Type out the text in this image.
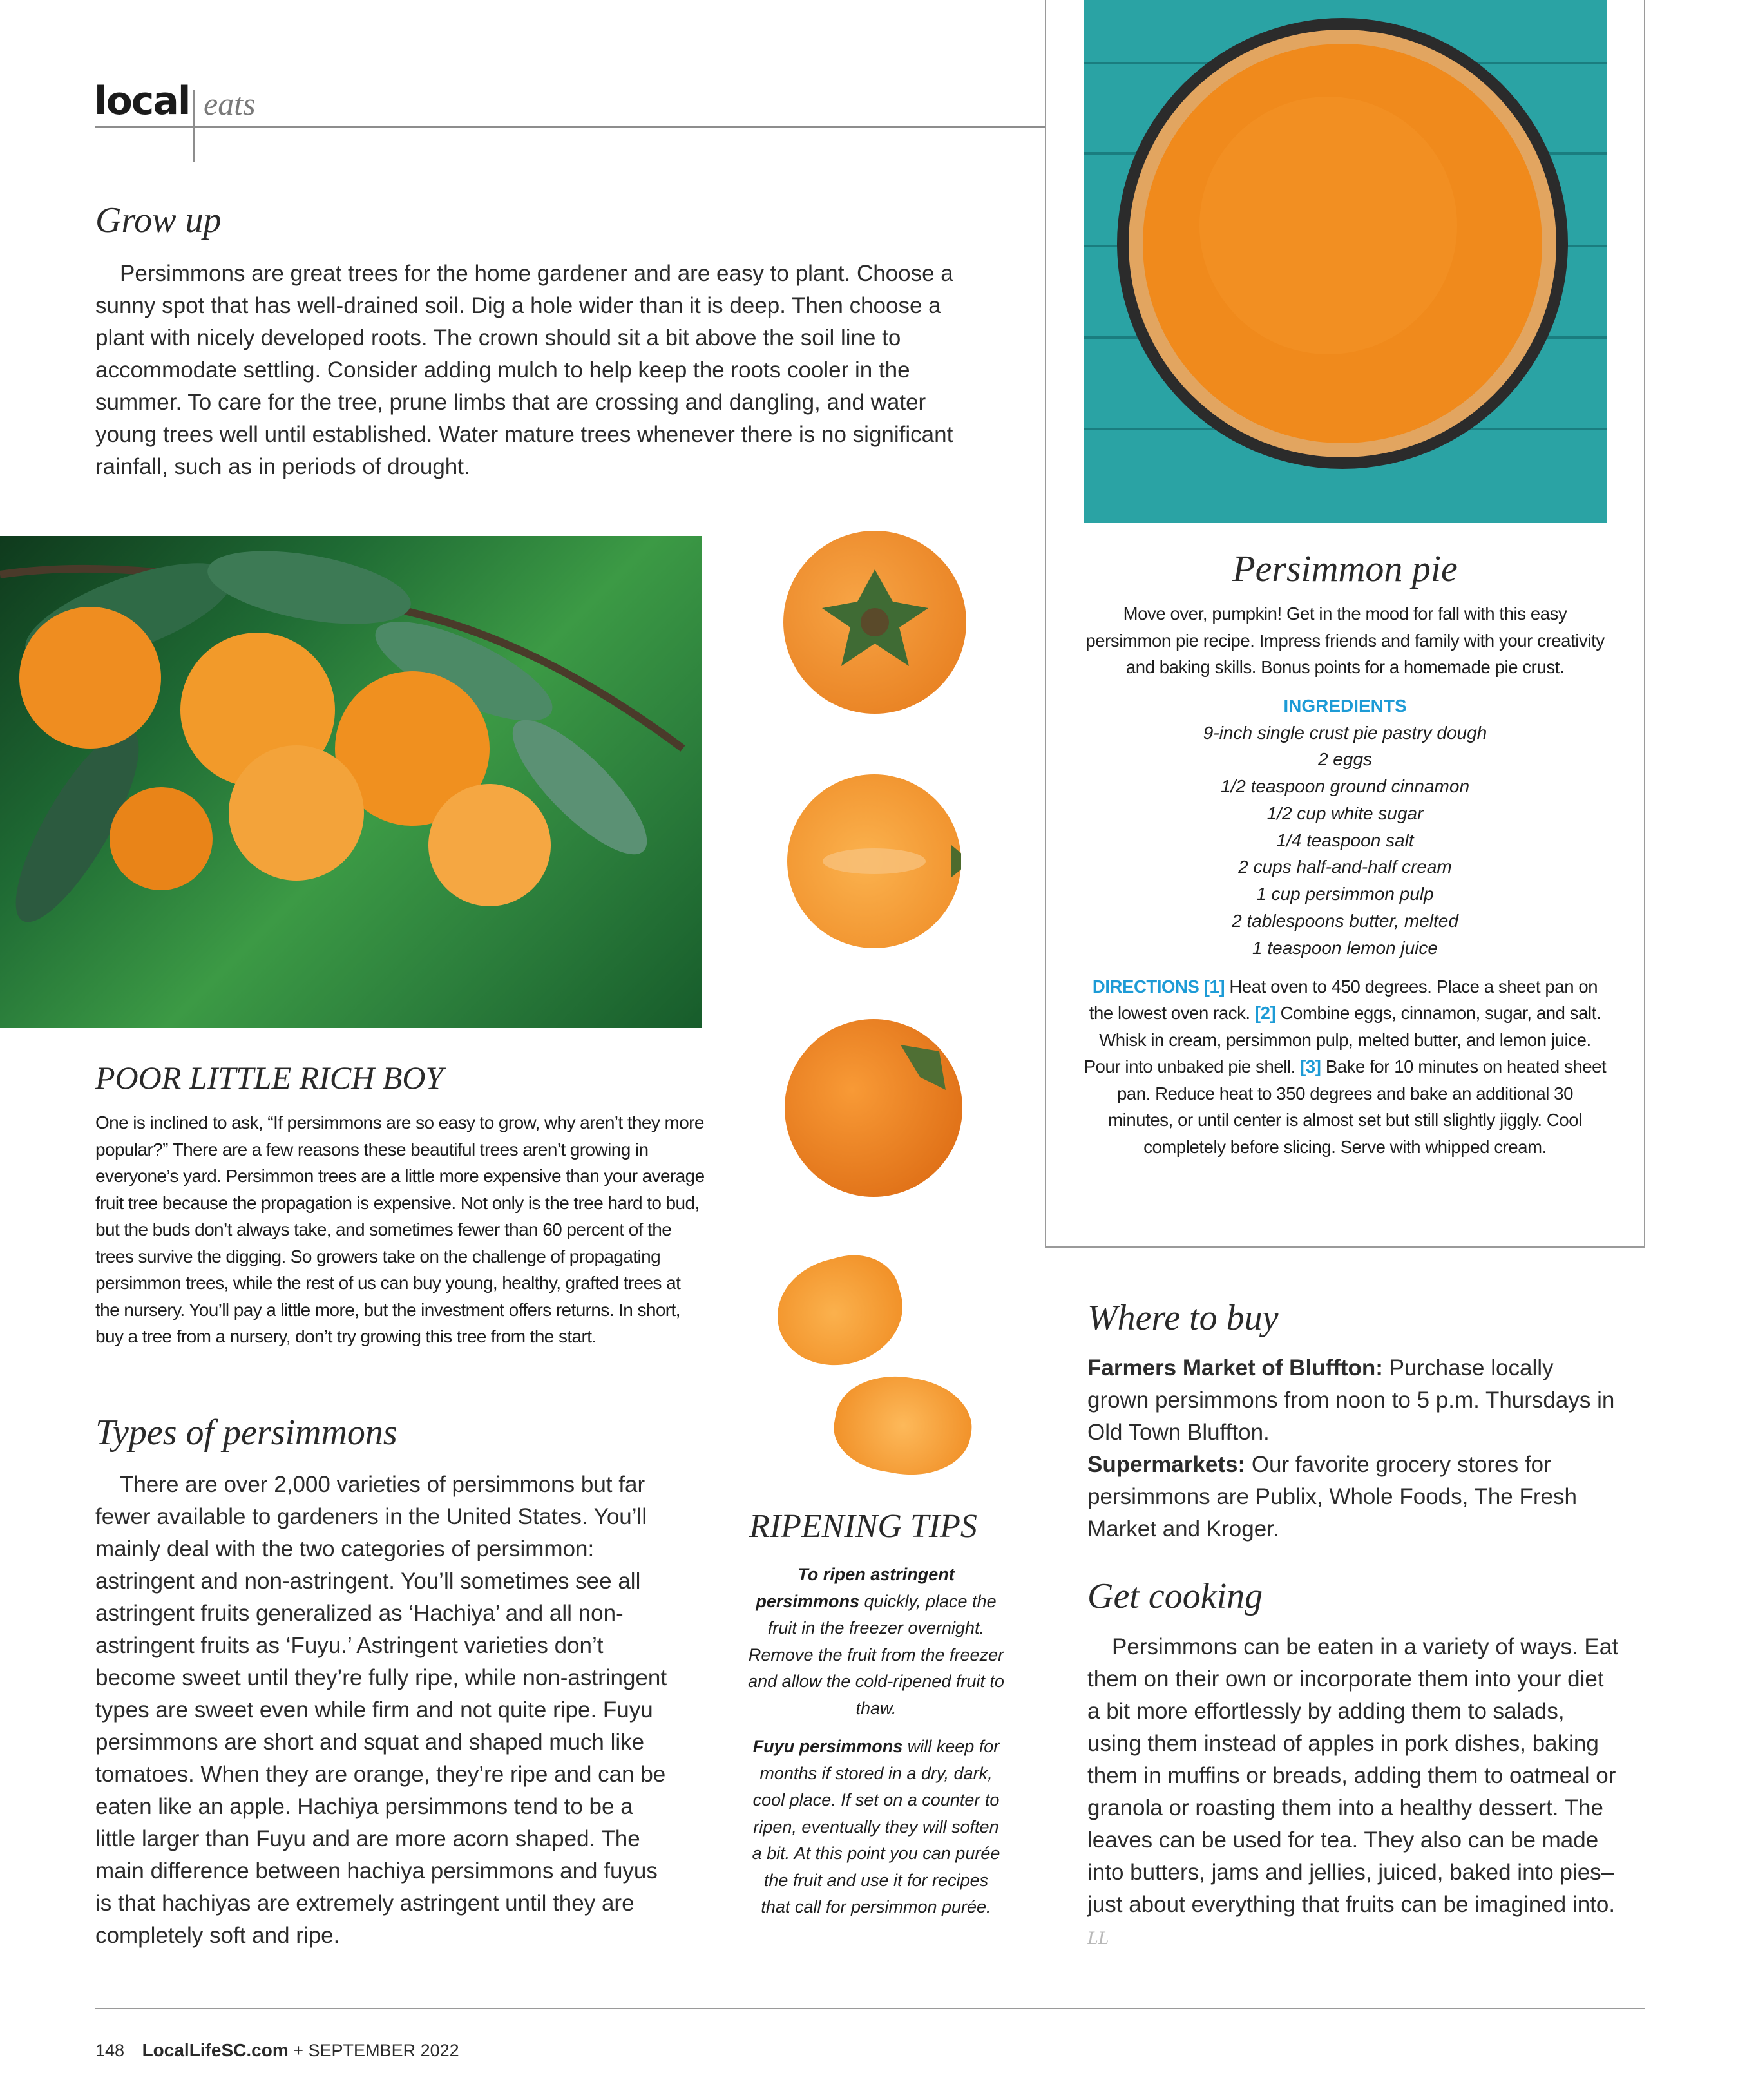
local eats
Grow up

Persimmons are great trees for the home gardener and are easy to plant. Choose a sunny spot that has well-drained soil. Dig a hole wider than it is deep. Then choose a plant with nicely developed roots. The crown should sit a bit above the soil line to accommodate settling. Consider adding mulch to help keep the roots cooler in the summer. To care for the tree, prune limbs that are crossing and dangling, and water young trees well until established. Water mature trees whenever there is no significant rainfall, such as in periods of drought.

POOR LITTLE RICH BOY

One is inclined to ask, “If persimmons are so easy to grow, why aren’t they more popular?” There are a few reasons these beautiful trees aren’t growing in everyone’s yard. Persimmon trees are a little more expensive than your average fruit tree because the propagation is expensive. Not only is the tree hard to bud, but the buds don’t always take, and sometimes fewer than 60 percent of the trees survive the digging. So growers take on the challenge of propagating persimmon trees, while the rest of us can buy young, healthy, grafted trees at the nursery. You’ll pay a little more, but the investment offers returns. In short, buy a tree from a nursery, don’t try growing this tree from the start.

Types of persimmons

There are over 2,000 varieties of persimmons but far fewer available to gardeners in the United States. You’ll mainly deal with the two categories of persimmon: astringent and non-astringent. You’ll sometimes see all astringent fruits generalized as ‘Hachiya’ and all non-astringent fruits as ‘Fuyu.’ Astringent varieties don’t become sweet until they’re fully ripe, while non-astringent types are sweet even while firm and not quite ripe. Fuyu persimmons are short and squat and shaped much like tomatoes. When they are orange, they’re ripe and can be eaten like an apple. Hachiya persimmons tend to be a little larger than Fuyu and are more acorn shaped. The main difference between hachiya persimmons and fuyus is that hachiyas are extremely astringent until they are completely soft and ripe.

RIPENING TIPS

To ripen astringent persimmons quickly, place the fruit in the freezer overnight. Remove the fruit from the freezer and allow the cold-ripened fruit to thaw.

Fuyu persimmons will keep for months if stored in a dry, dark, cool place. If set on a counter to ripen, eventually they will soften a bit. At this point you can purée the fruit and use it for recipes that call for persimmon purée.

Persimmon pie
Move over, pumpkin! Get in the mood for fall with this easy persimmon pie recipe. Impress friends and family with your creativity and baking skills. Bonus points for a homemade pie crust.
INGREDIENTS
9-inch single crust pie pastry dough
2 eggs
1/2 teaspoon ground cinnamon
1/2 cup white sugar
1/4 teaspoon salt
2 cups half-and-half cream
1 cup persimmon pulp
2 tablespoons butter, melted
1 teaspoon lemon juice
DIRECTIONS [1] Heat oven to 450 degrees. Place a sheet pan on the lowest oven rack. [2] Combine eggs, cinnamon, sugar, and salt. Whisk in cream, persimmon pulp, melted butter, and lemon juice. Pour into unbaked pie shell. [3] Bake for 10 minutes on heated sheet pan. Reduce heat to 350 degrees and bake an additional 30 minutes, or until center is almost set but still slightly jiggly. Cool completely before slicing. Serve with whipped cream.
Where to buy

Farmers Market of Bluffton: Purchase locally grown persimmons from noon to 5 p.m. Thursdays in Old Town Bluffton.

Supermarkets: Our favorite grocery stores for persimmons are Publix, Whole Foods, The Fresh Market and Kroger.

Get cooking

Persimmons can be eaten in a variety of ways. Eat them on their own or incorporate them into your diet a bit more effortlessly by adding them to salads, using them instead of apples in pork dishes, baking them in muffins or breads, adding them to oatmeal or granola or roasting them into a healthy dessert. The leaves can be used for tea. They also can be made into butters, jams and jellies, juiced, baked into pies–just about everything that fruits can be imagined into. LL

148 LocalLifeSC.com + SEPTEMBER 2022
